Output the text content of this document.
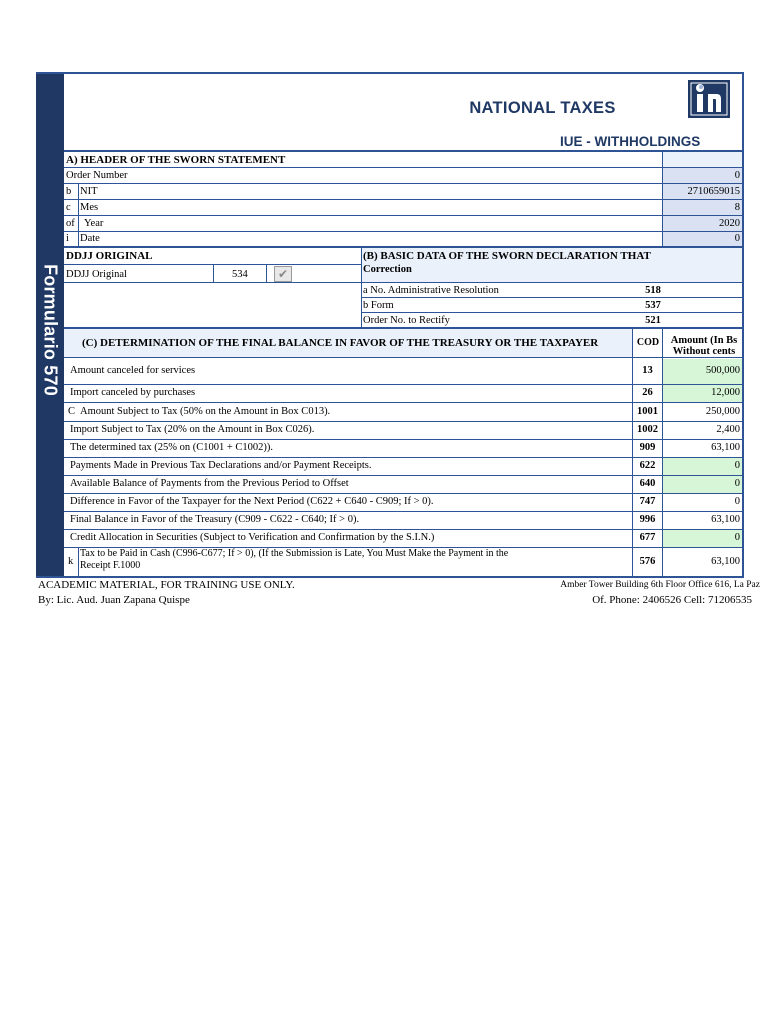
Formulario 570
NATIONAL TAXES
IUE - WITHHOLDINGS
A) HEADER OF THE SWORN STATEMENT
Order Number	0
b NIT	2710659015
c Mes	8
of Year	2020
i Date	0
DDJJ ORIGINAL
DDJJ Original	534	✔
(B) BASIC DATA OF THE SWORN DECLARATION THAT
Correction
a No. Administrative Resolution	518
b Form	537
Order No. to Rectify	521
(C) DETERMINATION OF THE FINAL BALANCE IN FAVOR OF THE TREASURY OR THE TAXPAYER	COD	Amount (In Bs
Without cents
Amount canceled for services	13	500,000
Import canceled by purchases	26	12,000
C Amount Subject to Tax (50% on the Amount in Box C013).	1001	250,000
Import Subject to Tax (20% on the Amount in Box C026).	1002	2,400
The determined tax (25% on (C1001 + C1002)).	909	63,100
Payments Made in Previous Tax Declarations and/or Payment Receipts.	622	0
Available Balance of Payments from the Previous Period to Offset	640	0
Difference in Favor of the Taxpayer for the Next Period (C622 + C640 - C909; If > 0).	747	0
Final Balance in Favor of the Treasury (C909 - C622 - C640; If > 0).	996	63,100
Credit Allocation in Securities (Subject to Verification and Confirmation by the S.I.N.)	677	0
k
Tax to be Paid in Cash (C996-C677; If > 0), (If the Submission is Late, You Must Make the Payment in the
Receipt F.1000	576	63,100
ACADEMIC MATERIAL, FOR TRAINING USE ONLY.
By: Lic. Aud. Juan Zapana Quispe
Amber Tower Building 6th Floor Office 616, La Paz
Of. Phone: 2406526 Cell: 71206535
